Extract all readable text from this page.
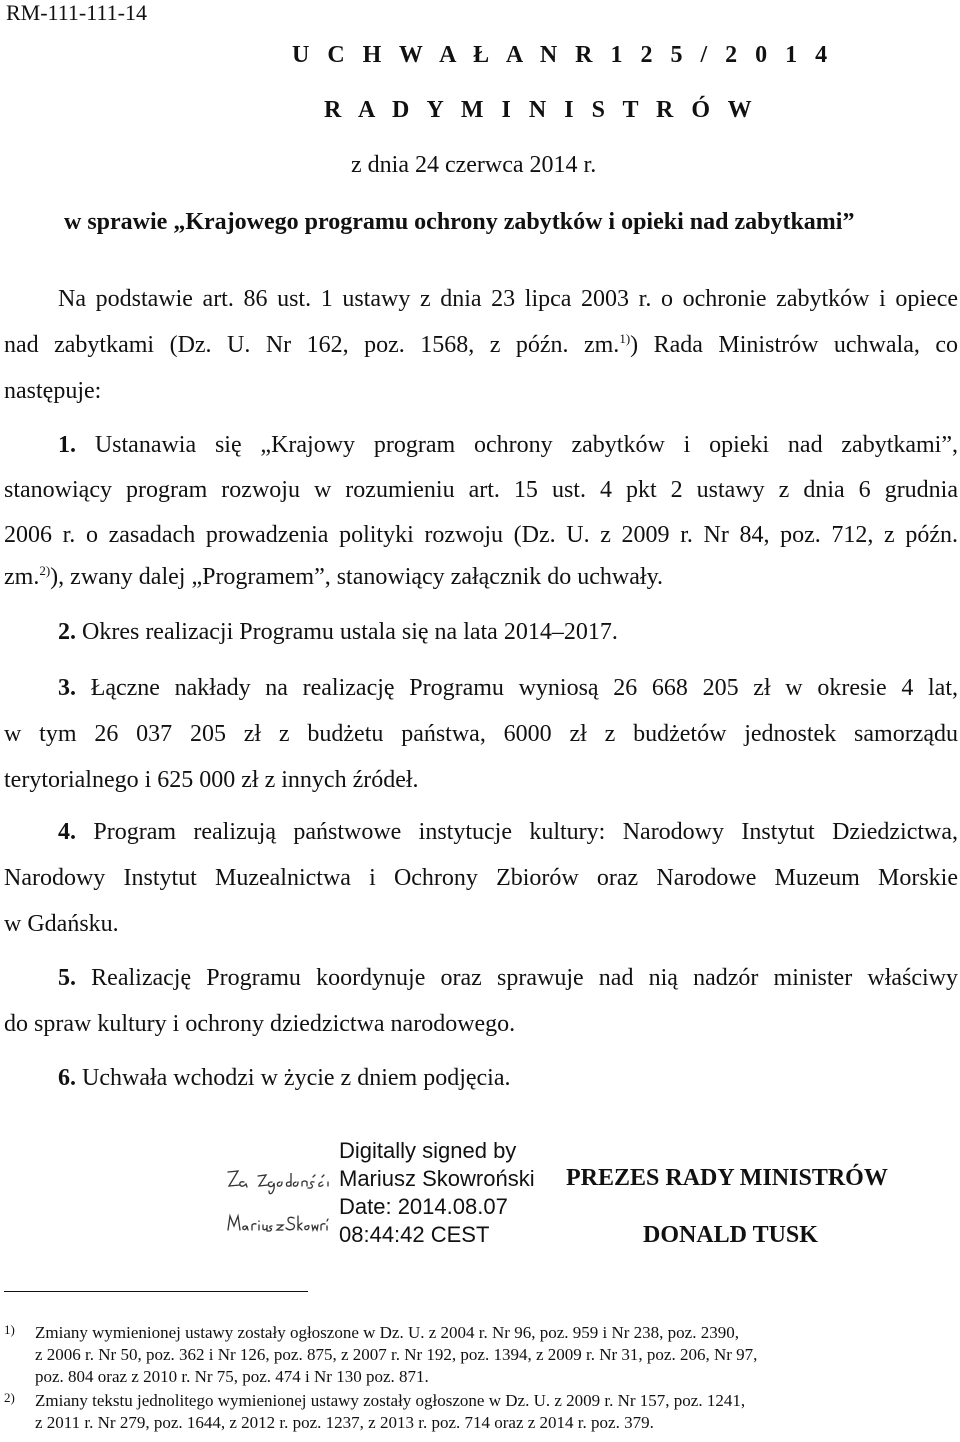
RM-111-111-14
U C H W A Ł A N R 1 2 5 / 2 0 1 4
R A D Y M I N I S T R Ó W
z dnia 24 czerwca 2014 r.
w sprawie „Krajowego programu ochrony zabytków i opieki nad zabytkami”
Na podstawie art. 86 ust. 1 ustawy z dnia 23 lipca 2003 r. o ochronie zabytków i opiece
nad zabytkami (Dz. U. Nr 162, poz. 1568, z późn. zm.$^{1)}$) Rada Ministrów uchwala, co
następuje:
1. Ustanawia się „Krajowy program ochrony zabytków i opieki nad zabytkami”,
stanowiący program rozwoju w rozumieniu art. 15 ust. 4 pkt 2 ustawy z dnia 6 grudnia
2006 r. o zasadach prowadzenia polityki rozwoju (Dz. U. z 2009 r. Nr 84, poz. 712, z późn.
zm.$^{2)}$), zwany dalej „Programem”, stanowiący załącznik do uchwały.
2. Okres realizacji Programu ustala się na lata 2014–2017.
3. Łączne nakłady na realizację Programu wyniosą 26 668 205 zł w okresie 4 lat,
w tym 26 037 205 zł z budżetu państwa, 6000 zł z budżetów jednostek samorządu
terytorialnego i 625 000 zł z innych źródeł.
4. Program realizują państwowe instytucje kultury: Narodowy Instytut Dziedzictwa,
Narodowy Instytut Muzealnictwa i Ochrony Zbiorów oraz Narodowe Muzeum Morskie
w Gdańsku.
5. Realizację Programu koordynuje oraz sprawuje nad nią nadzór minister właściwy
do spraw kultury i ochrony dziedzictwa narodowego.
6. Uchwała wchodzi w życie z dniem podjęcia.
Digitally signed by
Mariusz Skowroński
Date: 2014.08.07
08:44:42 CEST
PREZES RADY MINISTRÓW
DONALD TUSK
1) Zmiany wymienionej ustawy zostały ogłoszone w Dz. U. z 2004 r. Nr 96, poz. 959 i Nr 238, poz. 2390,
z 2006 r. Nr 50, poz. 362 i Nr 126, poz. 875, z 2007 r. Nr 192, poz. 1394, z 2009 r. Nr 31, poz. 206, Nr 97,
poz. 804 oraz z 2010 r. Nr 75, poz. 474 i Nr 130 poz. 871.
2) Zmiany tekstu jednolitego wymienionej ustawy zostały ogłoszone w Dz. U. z 2009 r. Nr 157, poz. 1241,
z 2011 r. Nr 279, poz. 1644, z 2012 r. poz. 1237, z 2013 r. poz. 714 oraz z 2014 r. poz. 379.
